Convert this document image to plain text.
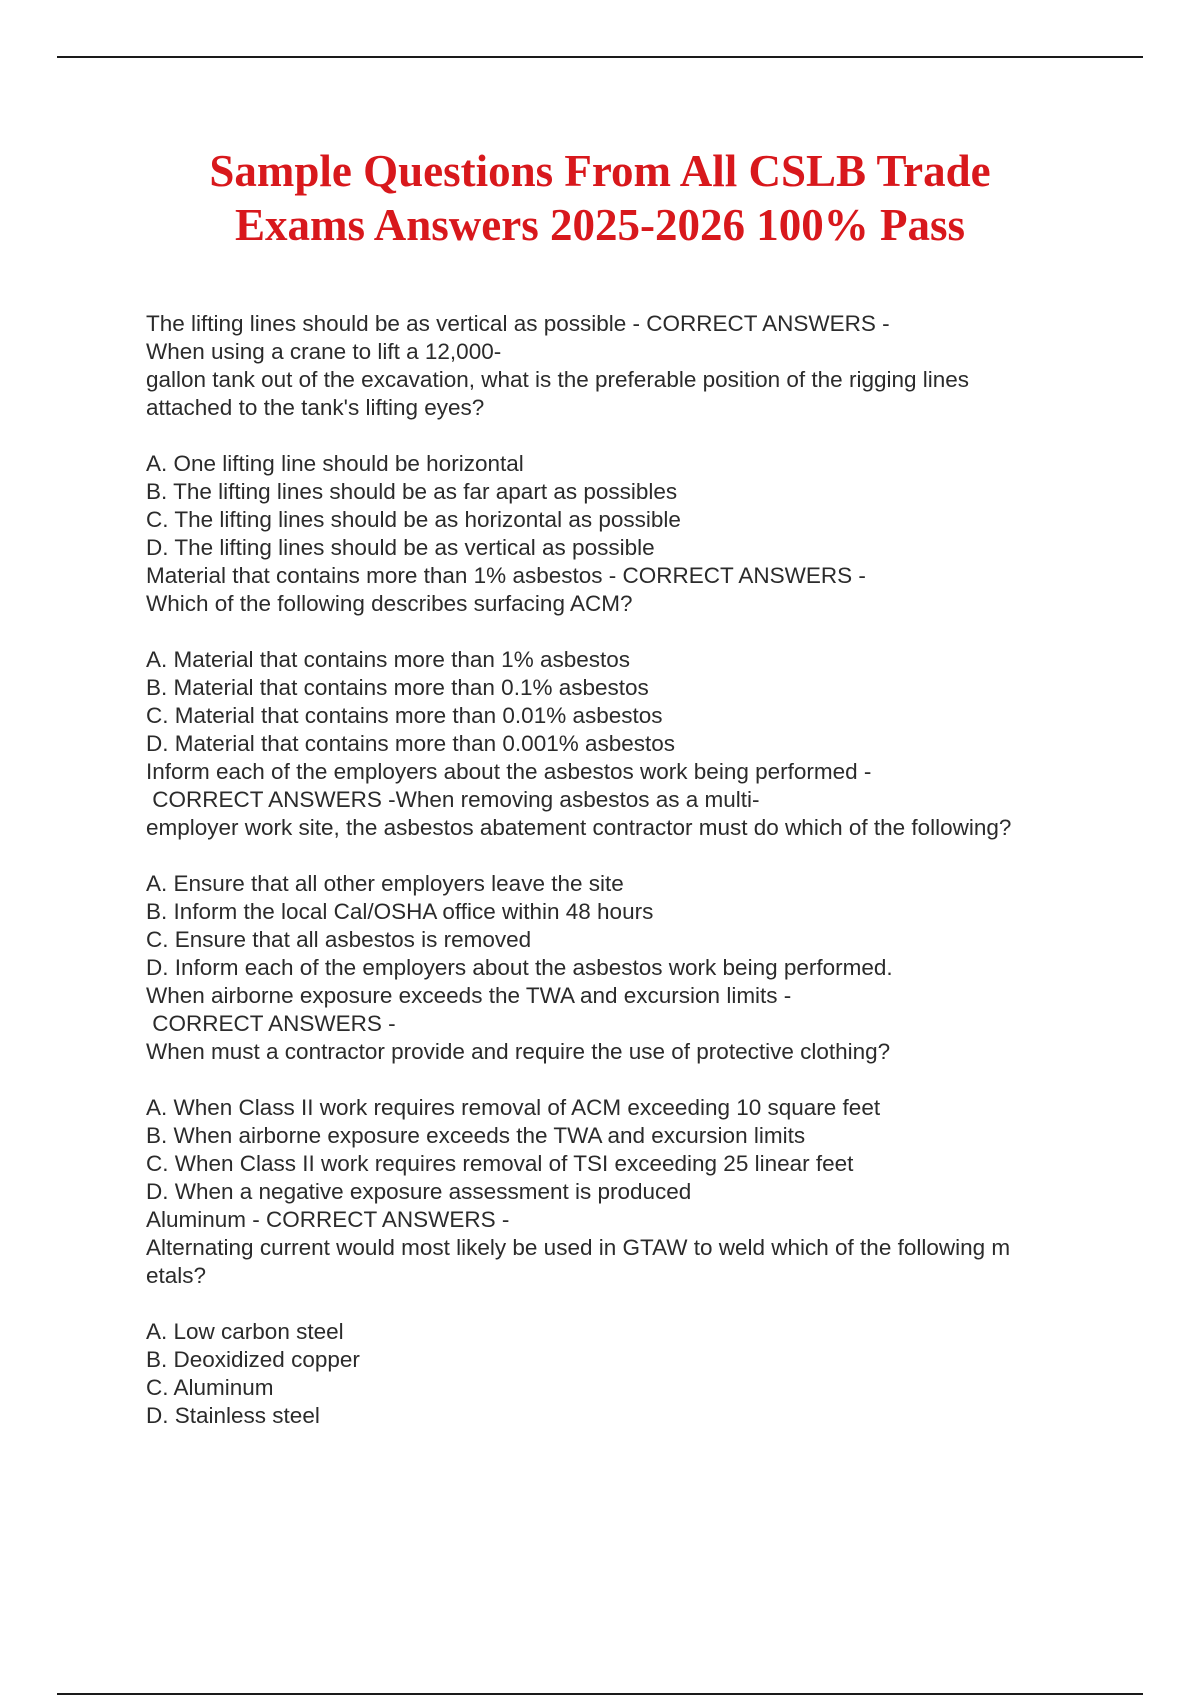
Sample Questions From All CSLB Trade
Exams Answers 2025-2026 100% Pass
The lifting lines should be as vertical as possible - CORRECT ANSWERS -
When using a crane to lift a 12,000-
gallon tank out of the excavation, what is the preferable position of the rigging lines
attached to the tank's lifting eyes?
A. One lifting line should be horizontal
B. The lifting lines should be as far apart as possibles
C. The lifting lines should be as horizontal as possible
D. The lifting lines should be as vertical as possible
Material that contains more than 1% asbestos - CORRECT ANSWERS -
Which of the following describes surfacing ACM?
A. Material that contains more than 1% asbestos
B. Material that contains more than 0.1% asbestos
C. Material that contains more than 0.01% asbestos
D. Material that contains more than 0.001% asbestos
Inform each of the employers about the asbestos work being performed -
CORRECT ANSWERS -When removing asbestos as a multi-
employer work site, the asbestos abatement contractor must do which of the following?
A. Ensure that all other employers leave the site
B. Inform the local Cal/OSHA office within 48 hours
C. Ensure that all asbestos is removed
D. Inform each of the employers about the asbestos work being performed.
When airborne exposure exceeds the TWA and excursion limits -
CORRECT ANSWERS -
When must a contractor provide and require the use of protective clothing?
A. When Class II work requires removal of ACM exceeding 10 square feet
B. When airborne exposure exceeds the TWA and excursion limits
C. When Class II work requires removal of TSI exceeding 25 linear feet
D. When a negative exposure assessment is produced
Aluminum - CORRECT ANSWERS -
Alternating current would most likely be used in GTAW to weld which of the following m
etals?
A. Low carbon steel
B. Deoxidized copper
C. Aluminum
D. Stainless steel
